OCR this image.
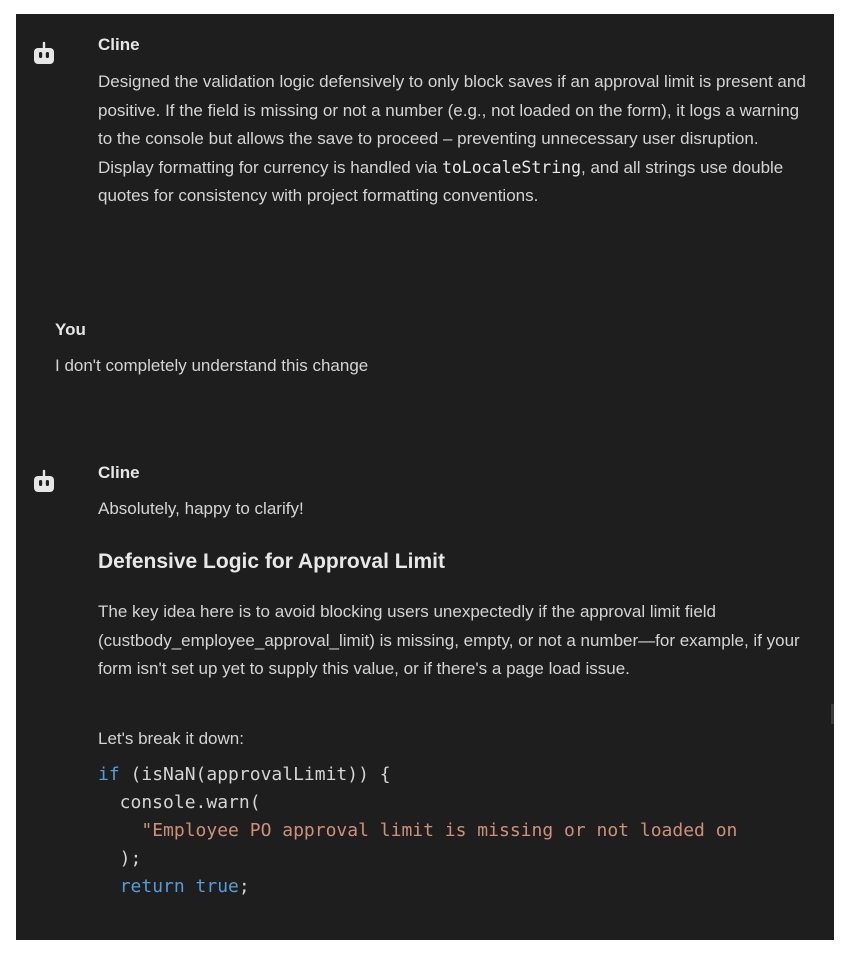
Cline

Designed the validation logic defensively to only block saves if an approval limit is present and positive. If the field is missing or not a number (e.g., not loaded on the form), it logs a warning to the console but allows the save to proceed – preventing unnecessary user disruption. Display formatting for currency is handled via toLocaleString, and all strings use double quotes for consistency with project formatting conventions.

You

I don't completely understand this change

Cline

Absolutely, happy to clarify!

Defensive Logic for Approval Limit

The key idea here is to avoid blocking users unexpectedly if the approval limit field (custbody_employee_approval_limit) is missing, empty, or not a number—for example, if your form isn't set up yet to supply this value, or if there's a page load issue.

Let's break it down:

if (isNaN(approvalLimit)) {
console.warn(
"Employee PO approval limit is missing or not loaded on
);
return true;
